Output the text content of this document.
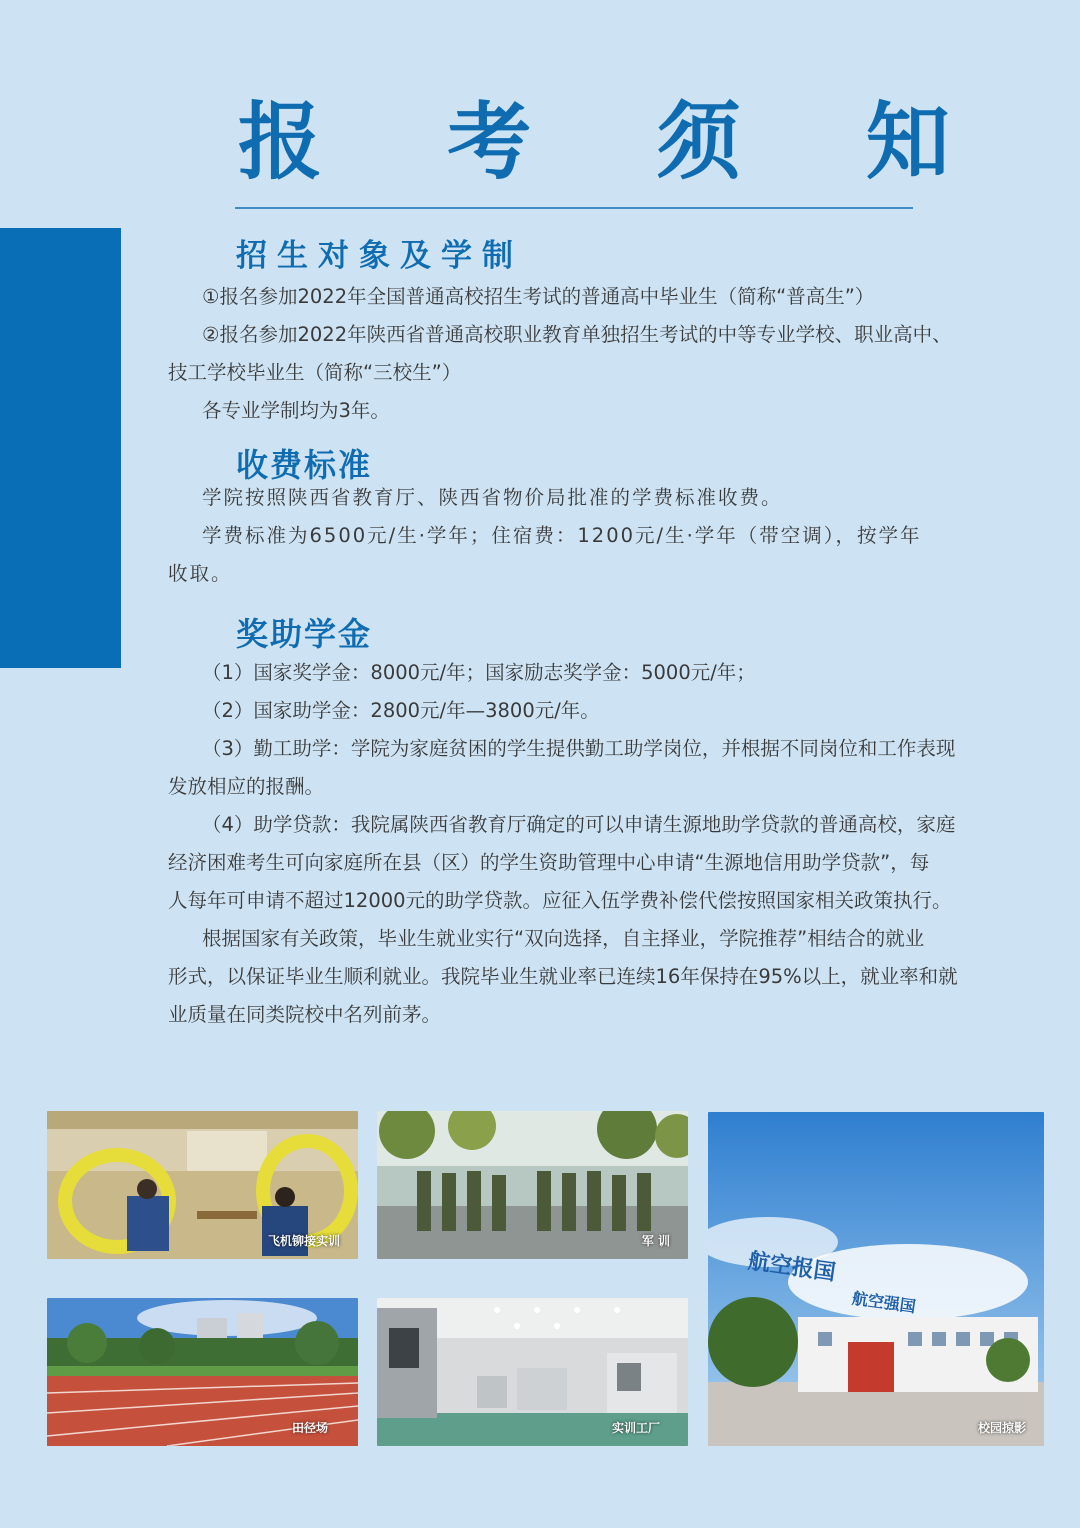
报 考 须 知
招生对象及学制
①报名参加2022年全国普通高校招生考试的普通高中毕业生（简称“普高生”）
②报名参加2022年陕西省普通高校职业教育单独招生考试的中等专业学校、职业高中、
技工学校毕业生（简称“三校生”）
各专业学制均为3年。
收费标准
学院按照陕西省教育厅、陕西省物价局批准的学费标准收费。
学费标准为6500元/生·学年；住宿费：1200元/生·学年（带空调），按学年
收取。
奖助学金
（1）国家奖学金：8000元/年；国家励志奖学金：5000元/年；
（2）国家助学金：2800元/年—3800元/年。
（3）勤工助学：学院为家庭贫困的学生提供勤工助学岗位，并根据不同岗位和工作表现
发放相应的报酬。
（4）助学贷款：我院属陕西省教育厅确定的可以申请生源地助学贷款的普通高校，家庭
经济困难考生可向家庭所在县（区）的学生资助管理中心申请“生源地信用助学贷款”，每
人每年可申请不超过12000元的助学贷款。应征入伍学费补偿代偿按照国家相关政策执行。
根据国家有关政策，毕业生就业实行“双向选择，自主择业，学院推荐”相结合的就业
形式，以保证毕业生顺利就业。我院毕业生就业率已连续16年保持在95%以上，就业率和就
业质量在同类院校中名列前茅。
飞机铆接实训	军 训
航空报国
航空强国
校园掠影
田径场	实训工厂
